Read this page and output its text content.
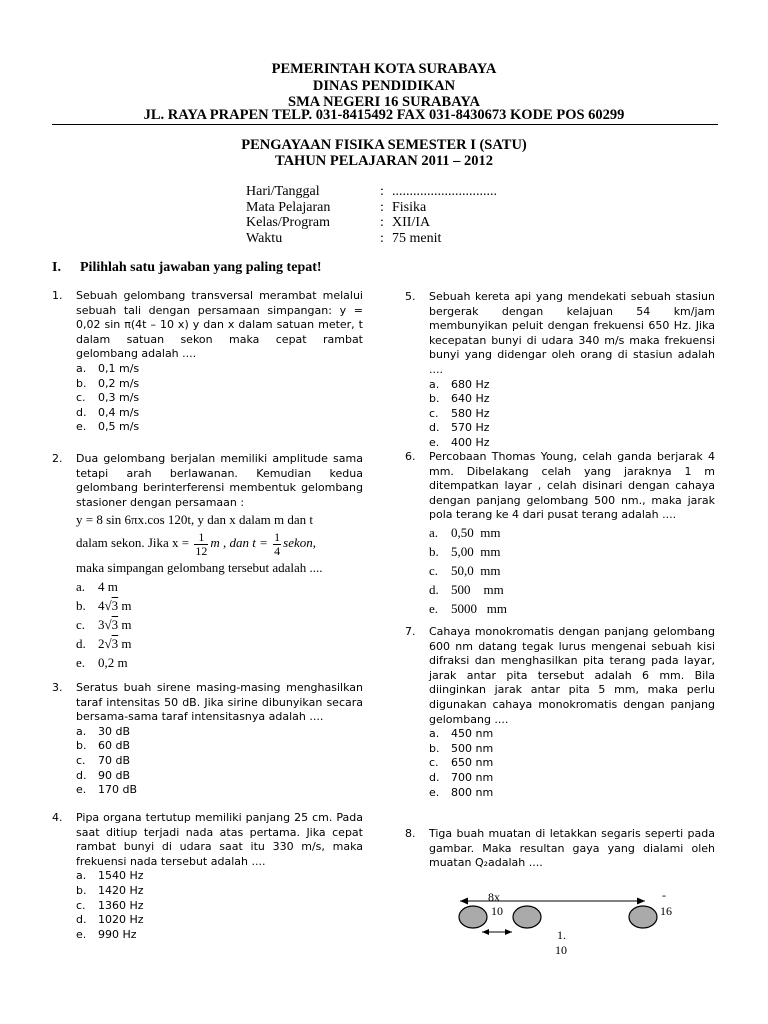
PEMERINTAH KOTA SURABAYA
DINAS PENDIDIKAN
SMA NEGERI 16 SURABAYA
JL. RAYA PRAPEN TELP. 031-8415492 FAX 031-8430673 KODE POS 60299
PENGAYAAN FISIKA SEMESTER I (SATU)
TAHUN PELAJARAN 2011 – 2012
Hari/Tanggal	: ..............................
Mata Pelajaran	: Fisika
Kelas/Program	: XII/IA
Waktu	: 75 menit
I. Pilihlah satu jawaban yang paling tepat!
1. Sebuah gelombang transversal merambat melalui sebuah tali dengan persamaan simpangan: y = 0,02 sin π(4t – 10 x) y dan x dalam satuan meter, t dalam satuan sekon maka cepat rambat gelombang adalah ....
a. 0,1 m/s
b. 0,2 m/s
c. 0,3 m/s
d. 0,4 m/s
e. 0,5 m/s
2. Dua gelombang berjalan memiliki amplitude sama tetapi arah berlawanan. Kemudian kedua gelombang berinterferensi membentuk gelombang stasioner dengan persamaan :
y = 8 sin 6πx.cos 120t, y dan x dalam m dan t
dalam sekon. Jika $x = \frac{1}{12}$ m , dan $t = \frac{1}{4}$ sekon,
maka simpangan gelombang tersebut adalah ....
a. 4 m
b. 4√3 m
c. 3√3 m
d. 2√3 m
e. 0,2 m
3. Seratus buah sirene masing-masing menghasilkan taraf intensitas 50 dB. Jika sirine dibunyikan secara bersama-sama taraf intensitasnya adalah ....
a. 30 dB
b. 60 dB
c. 70 dB
d. 90 dB
e. 170 dB
4. Pipa organa tertutup memiliki panjang 25 cm. Pada saat ditiup terjadi nada atas pertama. Jika cepat rambat bunyi di udara saat itu 330 m/s, maka frekuensi nada tersebut adalah ....
a. 1540 Hz
b. 1420 Hz
c. 1360 Hz
d. 1020 Hz
e. 990 Hz
5. Sebuah kereta api yang mendekati sebuah stasiun bergerak dengan kelajuan 54 km/jam membunyikan peluit dengan frekuensi 650 Hz. Jika kecepatan bunyi di udara 340 m/s maka frekuensi bunyi yang didengar oleh orang di stasiun adalah ....
a. 680 Hz
b. 640 Hz
c. 580 Hz
d. 570 Hz
e. 400 Hz
6. Percobaan Thomas Young, celah ganda berjarak 4 mm. Dibelakang celah yang jaraknya 1 m ditempatkan layar , celah disinari dengan cahaya dengan panjang gelombang 500 nm., maka jarak pola terang ke 4 dari pusat terang adalah ....
a. 0,50  mm
b. 5,00  mm
c. 50,0  mm
d. 500    mm
e. 5000   mm
7. Cahaya monokromatis dengan panjang gelombang 600 nm datang tegak lurus mengenai sebuah kisi difraksi dan menghasilkan pita terang pada layar, jarak antar pita tersebut adalah 6 mm. Bila diinginkan jarak antar pita 5 mm, maka perlu digunakan cahaya monokromatis dengan panjang gelombang ....
a. 450 nm
b. 500 nm
c. 650 nm
d. 700 nm
e. 800 nm
8. Tiga buah muatan di letakkan segaris seperti pada gambar. Maka resultan gaya yang dialami oleh muatan Q₂adalah ....
8x
10
-
16
1.
10
